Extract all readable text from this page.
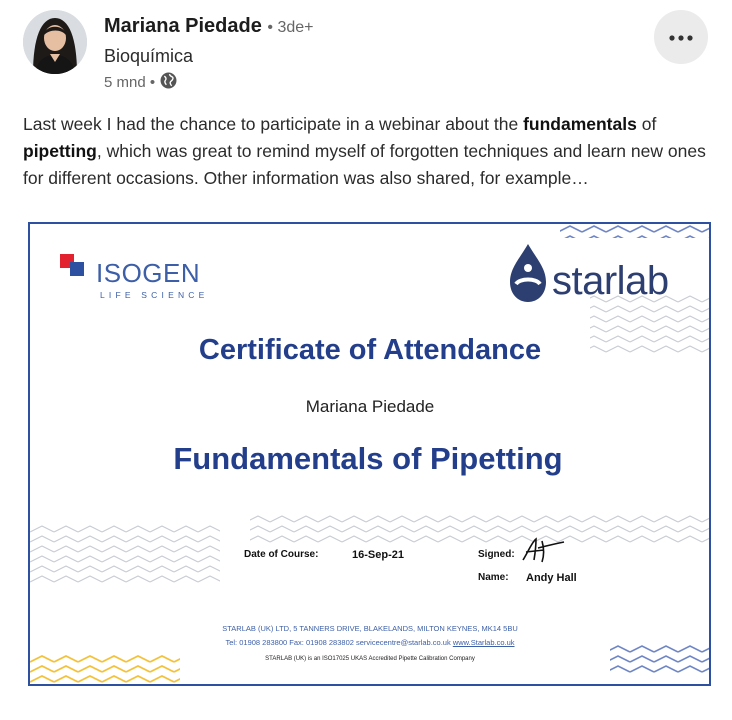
Mariana Piedade • 3de+
Bioquímica
5 mnd •
Last week I had the chance to participate in a webinar about the fundamentals of pipetting, which was great to remind myself of forgotten techniques and learn new ones for different occasions. Other information was also shared, for example…
ISOGEN
LIFE SCIENCE	starlab
Certificate of Attendance
Mariana Piedade
Fundamentals of Pipetting
Date of Course:	16-Sep-21	Signed:
Name: Andy Hall
STARLAB (UK) LTD, 5 TANNERS DRIVE, BLAKELANDS, MILTON KEYNES, MK14 5BU
Tel: 01908 283800 Fax: 01908 283802 servicecentre@starlab.co.uk www.Starlab.co.uk
STARLAB (UK) is an ISO17025 UKAS Accredited Pipette Calibration Company
